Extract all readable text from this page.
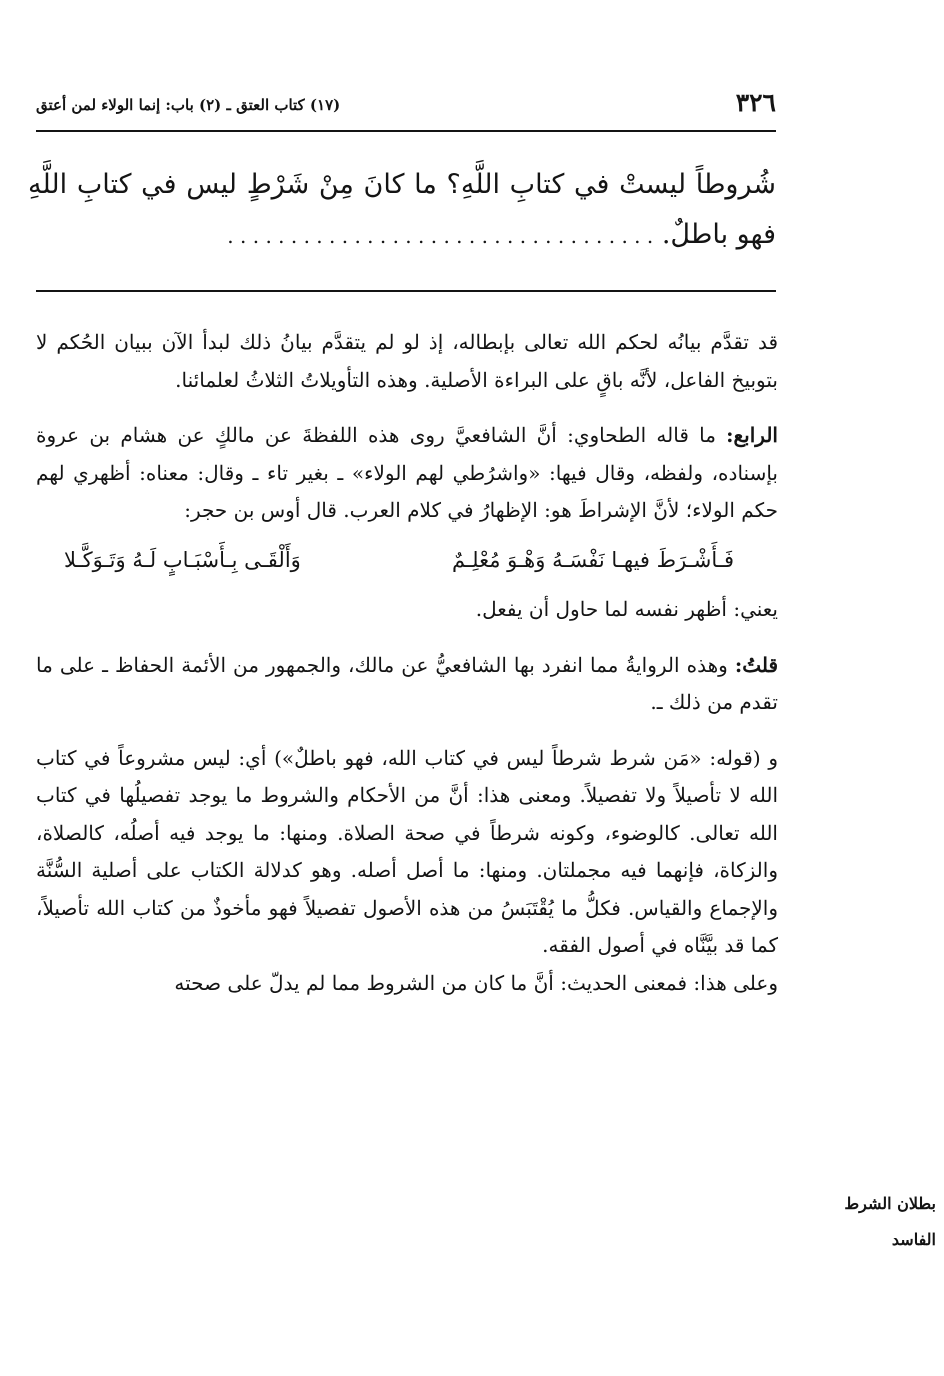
٣٢٦
(١٧) كتاب العتق ـ (٢) باب: إنما الولاء لمن أعتق
شُروطاً ليستْ في كتابِ اللَّهِ؟ ما كانَ مِنْ شَرْطٍ ليس في كتابِ اللَّهِ فهو باطلٌ. . . . . . . . . . . . . . . . . . . . . . . . . . . . . . . . . . .

قد تقدَّم بيانُه لحكم الله تعالى بإبطاله، إذ لو لم يتقدَّم بيانُ ذلك لبدأ الآن ببيان الحُكم لا بتوبيخ الفاعل، لأنَّه باقٍ على البراءة الأصلية. وهذه التأويلاتُ الثلاثُ لعلمائنا.

الرابع: ما قاله الطحاوي: أنَّ الشافعيَّ روى هذه اللفظةَ عن مالكٍ عن هشام بن عروة بإسناده، ولفظه، وقال فيها: «واشرُطي لهم الولاء» ـ بغير تاء ـ وقال: معناه: أظهري لهم حكم الولاء؛ لأنَّ الإشراطَ هو: الإظهارُ في كلام العرب. قال أوس بن حجر:

فَـأَشْـرَطَ فيهـا نَفْسَـهُ وَهْـوَ مُعْلِـمٌ
وَأَلْقَـى بِـأَسْبَـابٍ لَـهُ وَتَـوَكَّـلا

يعني: أظهر نفسه لما حاول أن يفعل.

قلتُ: وهذه الروايةُ مما انفرد بها الشافعيُّ عن مالك، والجمهور من الأئمة الحفاظ ـ على ما تقدم من ذلك ـ.

و (قوله: «مَن شرط شرطاً ليس في كتاب الله، فهو باطلٌ») أي: ليس مشروعاً في كتاب الله لا تأصيلاً ولا تفصيلاً. ومعنى هذا: أنَّ من الأحكام والشروط ما يوجد تفصيلُها في كتاب الله تعالى. كالوضوء، وكونه شرطاً في صحة الصلاة. ومنها: ما يوجد فيه أصلُه، كالصلاة، والزكاة، فإنهما فيه مجملتان. ومنها: ما أصل أصله. وهو كدلالة الكتاب على أصلية السُّنَّة والإجماع والقياس. فكلُّ ما يُقْتَبَسُ من هذه الأصول تفصيلاً فهو مأخوذٌ من كتاب الله تأصيلاً، كما قد بيَّنَّاه في أصول الفقه.

وعلى هذا: فمعنى الحديث: أنَّ ما كان من الشروط مما لم يدلّ على صحته

بطلان الشرط الفاسد
